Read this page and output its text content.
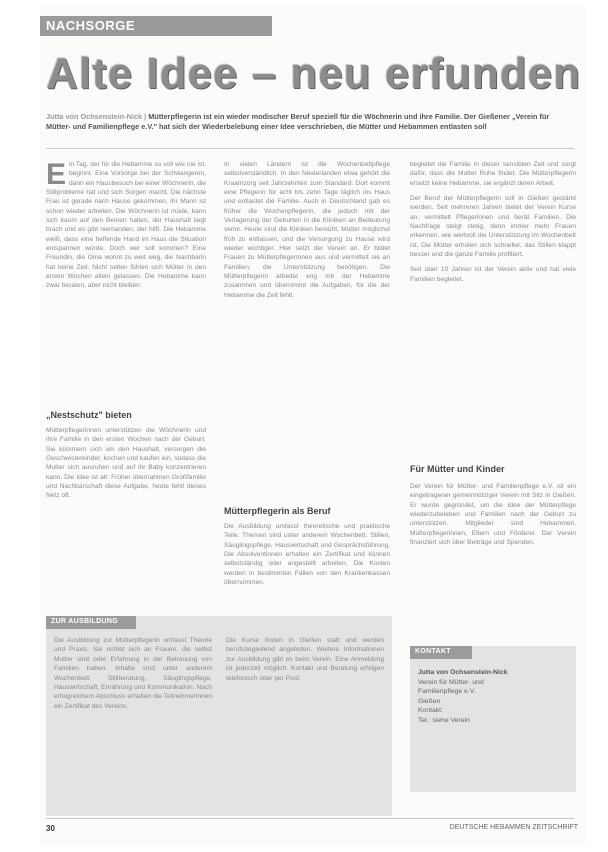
NACHSORGE
Alte Idee – neu erfunden
Jutta von Ochsenstein-Nick | Mütterpflegerin ist ein wieder modischer Beruf speziell für die Wöchnerin und ihre Familie. Der Gießener „Verein für Mütter- und Familienpflege e.V." hat sich der Wiederbelebung einer Idee verschrieben, die Mütter und Hebammen entlasten soll
E in Tag, der für die Hebamme so voll wie nie ist, beginnt. Eine Vorsorge bei der Schwangeren, dann ein Hausbesuch bei einer Wöchnerin, die Stillprobleme hat und sich Sorgen macht. Die nächste Frau ist gerade nach Hause gekommen, ihr Mann ist schon wieder arbeiten. Die Wöchnerin ist müde, kann sich kaum auf den Beinen halten, der Haushalt liegt brach und es gibt niemanden, der hilft. Die Hebamme weiß, dass eine helfende Hand im Haus die Situation entspannen würde. Doch wer soll kommen? Eine Freundin, die Oma wohnt zu weit weg, die Nachbarin hat keine Zeit. Nicht selten fühlen sich Mütter in den ersten Wochen allein gelassen. Die Hebamme kann zwar beraten, aber nicht bleiben.

„Nestschutz" bieten

Mütterpflegerinnen unterstützen die Wöchnerin und ihre Familie in den ersten Wochen nach der Geburt. Sie kümmern sich um den Haushalt, versorgen die Geschwisterkinder, kochen und kaufen ein, sodass die Mutter sich ausruhen und auf ihr Baby konzentrieren kann. Die Idee ist alt: Früher übernahmen Großfamilie und Nachbarschaft diese Aufgabe, heute fehlt dieses Netz oft.

In vielen Ländern ist die Wochenbettpflege selbstverständlich. In den Niederlanden etwa gehört die Kraamzorg seit Jahrzehnten zum Standard. Dort kommt eine Pflegerin für acht bis zehn Tage täglich ins Haus und entlastet die Familie. Auch in Deutschland gab es früher die Wochenpflegerin, die jedoch mit der Verlagerung der Geburten in die Kliniken an Bedeutung verlor. Heute sind die Kliniken bemüht, Mütter möglichst früh zu entlassen, und die Versorgung zu Hause wird wieder wichtiger. Hier setzt der Verein an. Er bildet Frauen zu Mütterpflegerinnen aus und vermittelt sie an Familien, die Unterstützung benötigen. Die Mütterpflegerin arbeitet eng mit der Hebamme zusammen und übernimmt die Aufgaben, für die der Hebamme die Zeit fehlt.

Mütterpflegerin als Beruf

Die Ausbildung umfasst theoretische und praktische Teile. Themen sind unter anderem Wochenbett, Stillen, Säuglingspflege, Hauswirtschaft und Gesprächsführung. Die Absolventinnen erhalten ein Zertifikat und können selbstständig oder angestellt arbeiten. Die Kosten werden in bestimmten Fällen von den Krankenkassen übernommen.

begleitet die Familie in dieser sensiblen Zeit und sorgt dafür, dass die Mutter Ruhe findet. Die Mütterpflegerin ersetzt keine Hebamme, sie ergänzt deren Arbeit.

Der Beruf der Mütterpflegerin soll in Gießen gestärkt werden. Seit mehreren Jahren bietet der Verein Kurse an, vermittelt Pflegerinnen und berät Familien. Die Nachfrage steigt stetig, denn immer mehr Frauen erkennen, wie wertvoll die Unterstützung im Wochenbett ist. Die Mütter erholen sich schneller, das Stillen klappt besser und die ganze Familie profitiert.

Seit über 10 Jahren ist der Verein aktiv und hat viele Familien begleitet.

Für Mütter und Kinder

Der Verein für Mütter- und Familienpflege e.V. ist ein eingetragener gemeinnütziger Verein mit Sitz in Gießen. Er wurde gegründet, um die Idee der Mütterpflege wiederzubeleben und Familien nach der Geburt zu unterstützen. Mitglieder sind Hebammen, Mütterpflegerinnen, Eltern und Förderer. Der Verein finanziert sich über Beiträge und Spenden.

ZUR AUSBILDUNG
Die Ausbildung zur Mütterpflegerin umfasst Theorie und Praxis. Sie richtet sich an Frauen, die selbst Mutter sind oder Erfahrung in der Betreuung von Familien haben. Inhalte sind unter anderem Wochenbett, Stillberatung, Säuglingspflege, Hauswirtschaft, Ernährung und Kommunikation. Nach erfolgreichem Abschluss erhalten die Teilnehmerinnen ein Zertifikat des Vereins.
Die Kurse finden in Gießen statt und werden berufsbegleitend angeboten. Weitere Informationen zur Ausbildung gibt es beim Verein. Eine Anmeldung ist jederzeit möglich. Kontakt und Beratung erfolgen telefonisch oder per Post.
KONTAKT
Jutta von Ochsenstein-Nick
Verein für Mütter- und
Familienpflege e.V.
Gießen
Kontakt:
Tel.: siehe Verein
30	DEUTSCHE HEBAMMEN ZEITSCHRIFT
